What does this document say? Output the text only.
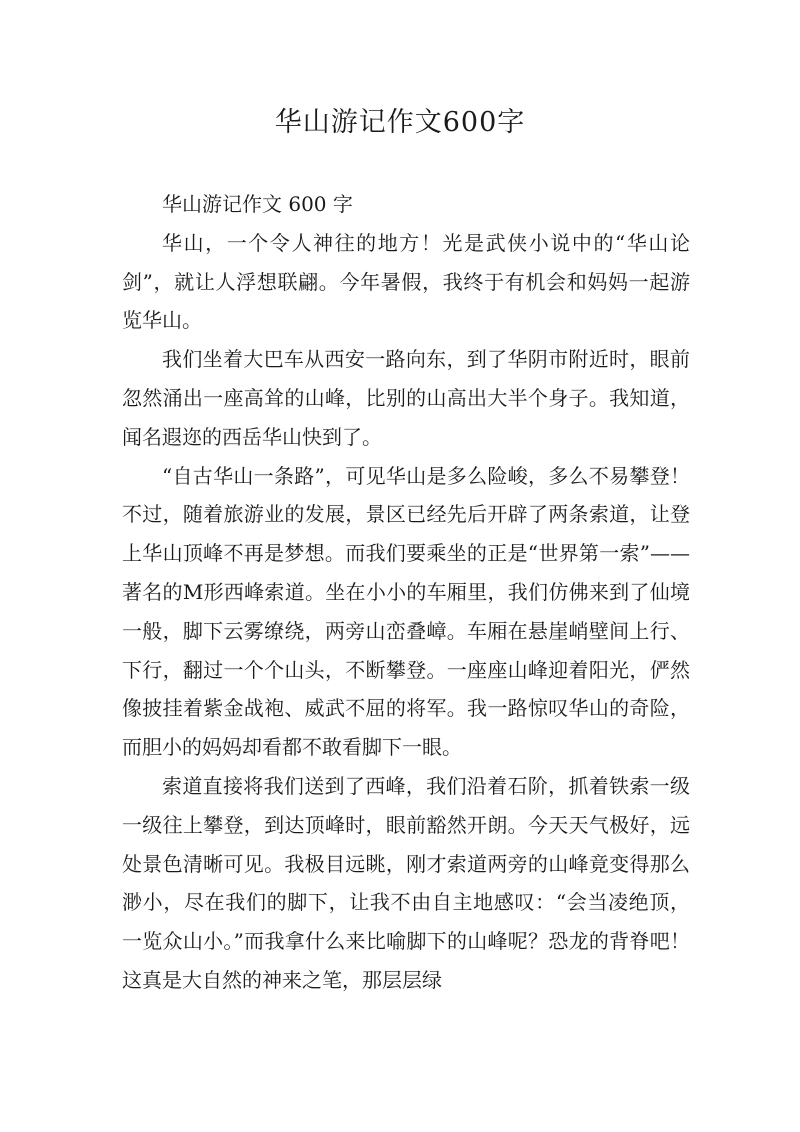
华山游记作文600字

华山游记作文 600 字

华山，一个令人神往的地方！光是武侠小说中的“华山论剑”，就让人浮想联翩。今年暑假，我终于有机会和妈妈一起游览华山。

我们坐着大巴车从西安一路向东，到了华阴市附近时，眼前忽然涌出一座高耸的山峰，比别的山高出大半个身子。我知道，闻名遐迩的西岳华山快到了。

“自古华山一条路”，可见华山是多么险峻，多么不易攀登！不过，随着旅游业的发展，景区已经先后开辟了两条索道，让登上华山顶峰不再是梦想。而我们要乘坐的正是“世界第一索”——著名的M形西峰索道。坐在小小的车厢里，我们仿佛来到了仙境一般，脚下云雾缭绕，两旁山峦叠嶂。车厢在悬崖峭壁间上行、下行，翻过一个个山头，不断攀登。一座座山峰迎着阳光，俨然像披挂着紫金战袍、威武不屈的将军。我一路惊叹华山的奇险，而胆小的妈妈却看都不敢看脚下一眼。

索道直接将我们送到了西峰，我们沿着石阶，抓着铁索一级一级往上攀登，到达顶峰时，眼前豁然开朗。今天天气极好，远处景色清晰可见。我极目远眺，刚才索道两旁的山峰竟变得那么渺小，尽在我们的脚下，让我不由自主地感叹：“会当凌绝顶，一览众山小。”而我拿什么来比喻脚下的山峰呢？恐龙的背脊吧！这真是大自然的神来之笔，那层层绿
